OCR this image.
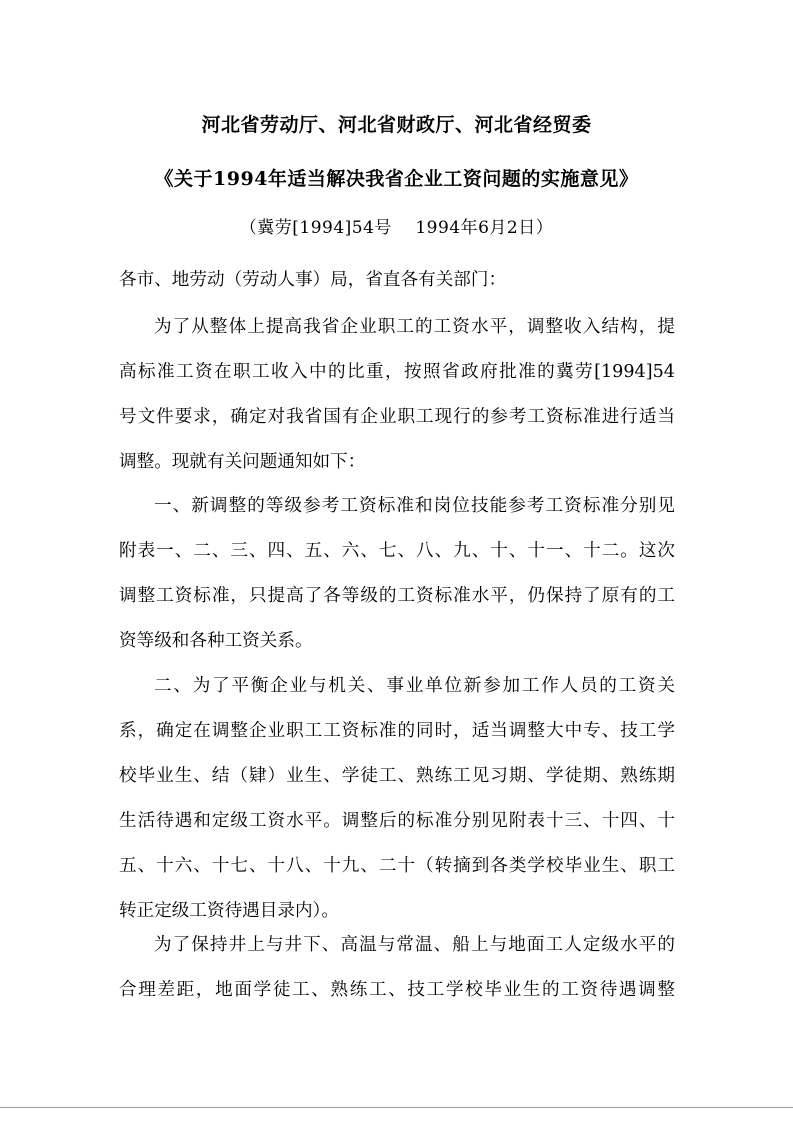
河北省劳动厅、河北省财政厅、河北省经贸委
《关于1994年适当解决我省企业工资问题的实施意见》
（冀劳[1994]54号　 1994年6月2日）
各市、地劳动（劳动人事）局，省直各有关部门：
为了从整体上提高我省企业职工的工资水平，调整收入结构，提
高标准工资在职工收入中的比重，按照省政府批准的冀劳[1994]54
号文件要求，确定对我省国有企业职工现行的参考工资标准进行适当
调整。现就有关问题通知如下：
一、新调整的等级参考工资标准和岗位技能参考工资标准分别见
附表一、二、三、四、五、六、七、八、九、十、十一、十二。这次
调整工资标准，只提高了各等级的工资标准水平，仍保持了原有的工
资等级和各种工资关系。
二、为了平衡企业与机关、事业单位新参加工作人员的工资关
系，确定在调整企业职工工资标准的同时，适当调整大中专、技工学
校毕业生、结（肄）业生、学徒工、熟练工见习期、学徒期、熟练期
生活待遇和定级工资水平。调整后的标准分别见附表十三、十四、十
五、十六、十七、十八、十九、二十（转摘到各类学校毕业生、职工
转正定级工资待遇目录内）。
为了保持井上与井下、高温与常温、船上与地面工人定级水平的
合理差距，地面学徒工、熟练工、技工学校毕业生的工资待遇调整
